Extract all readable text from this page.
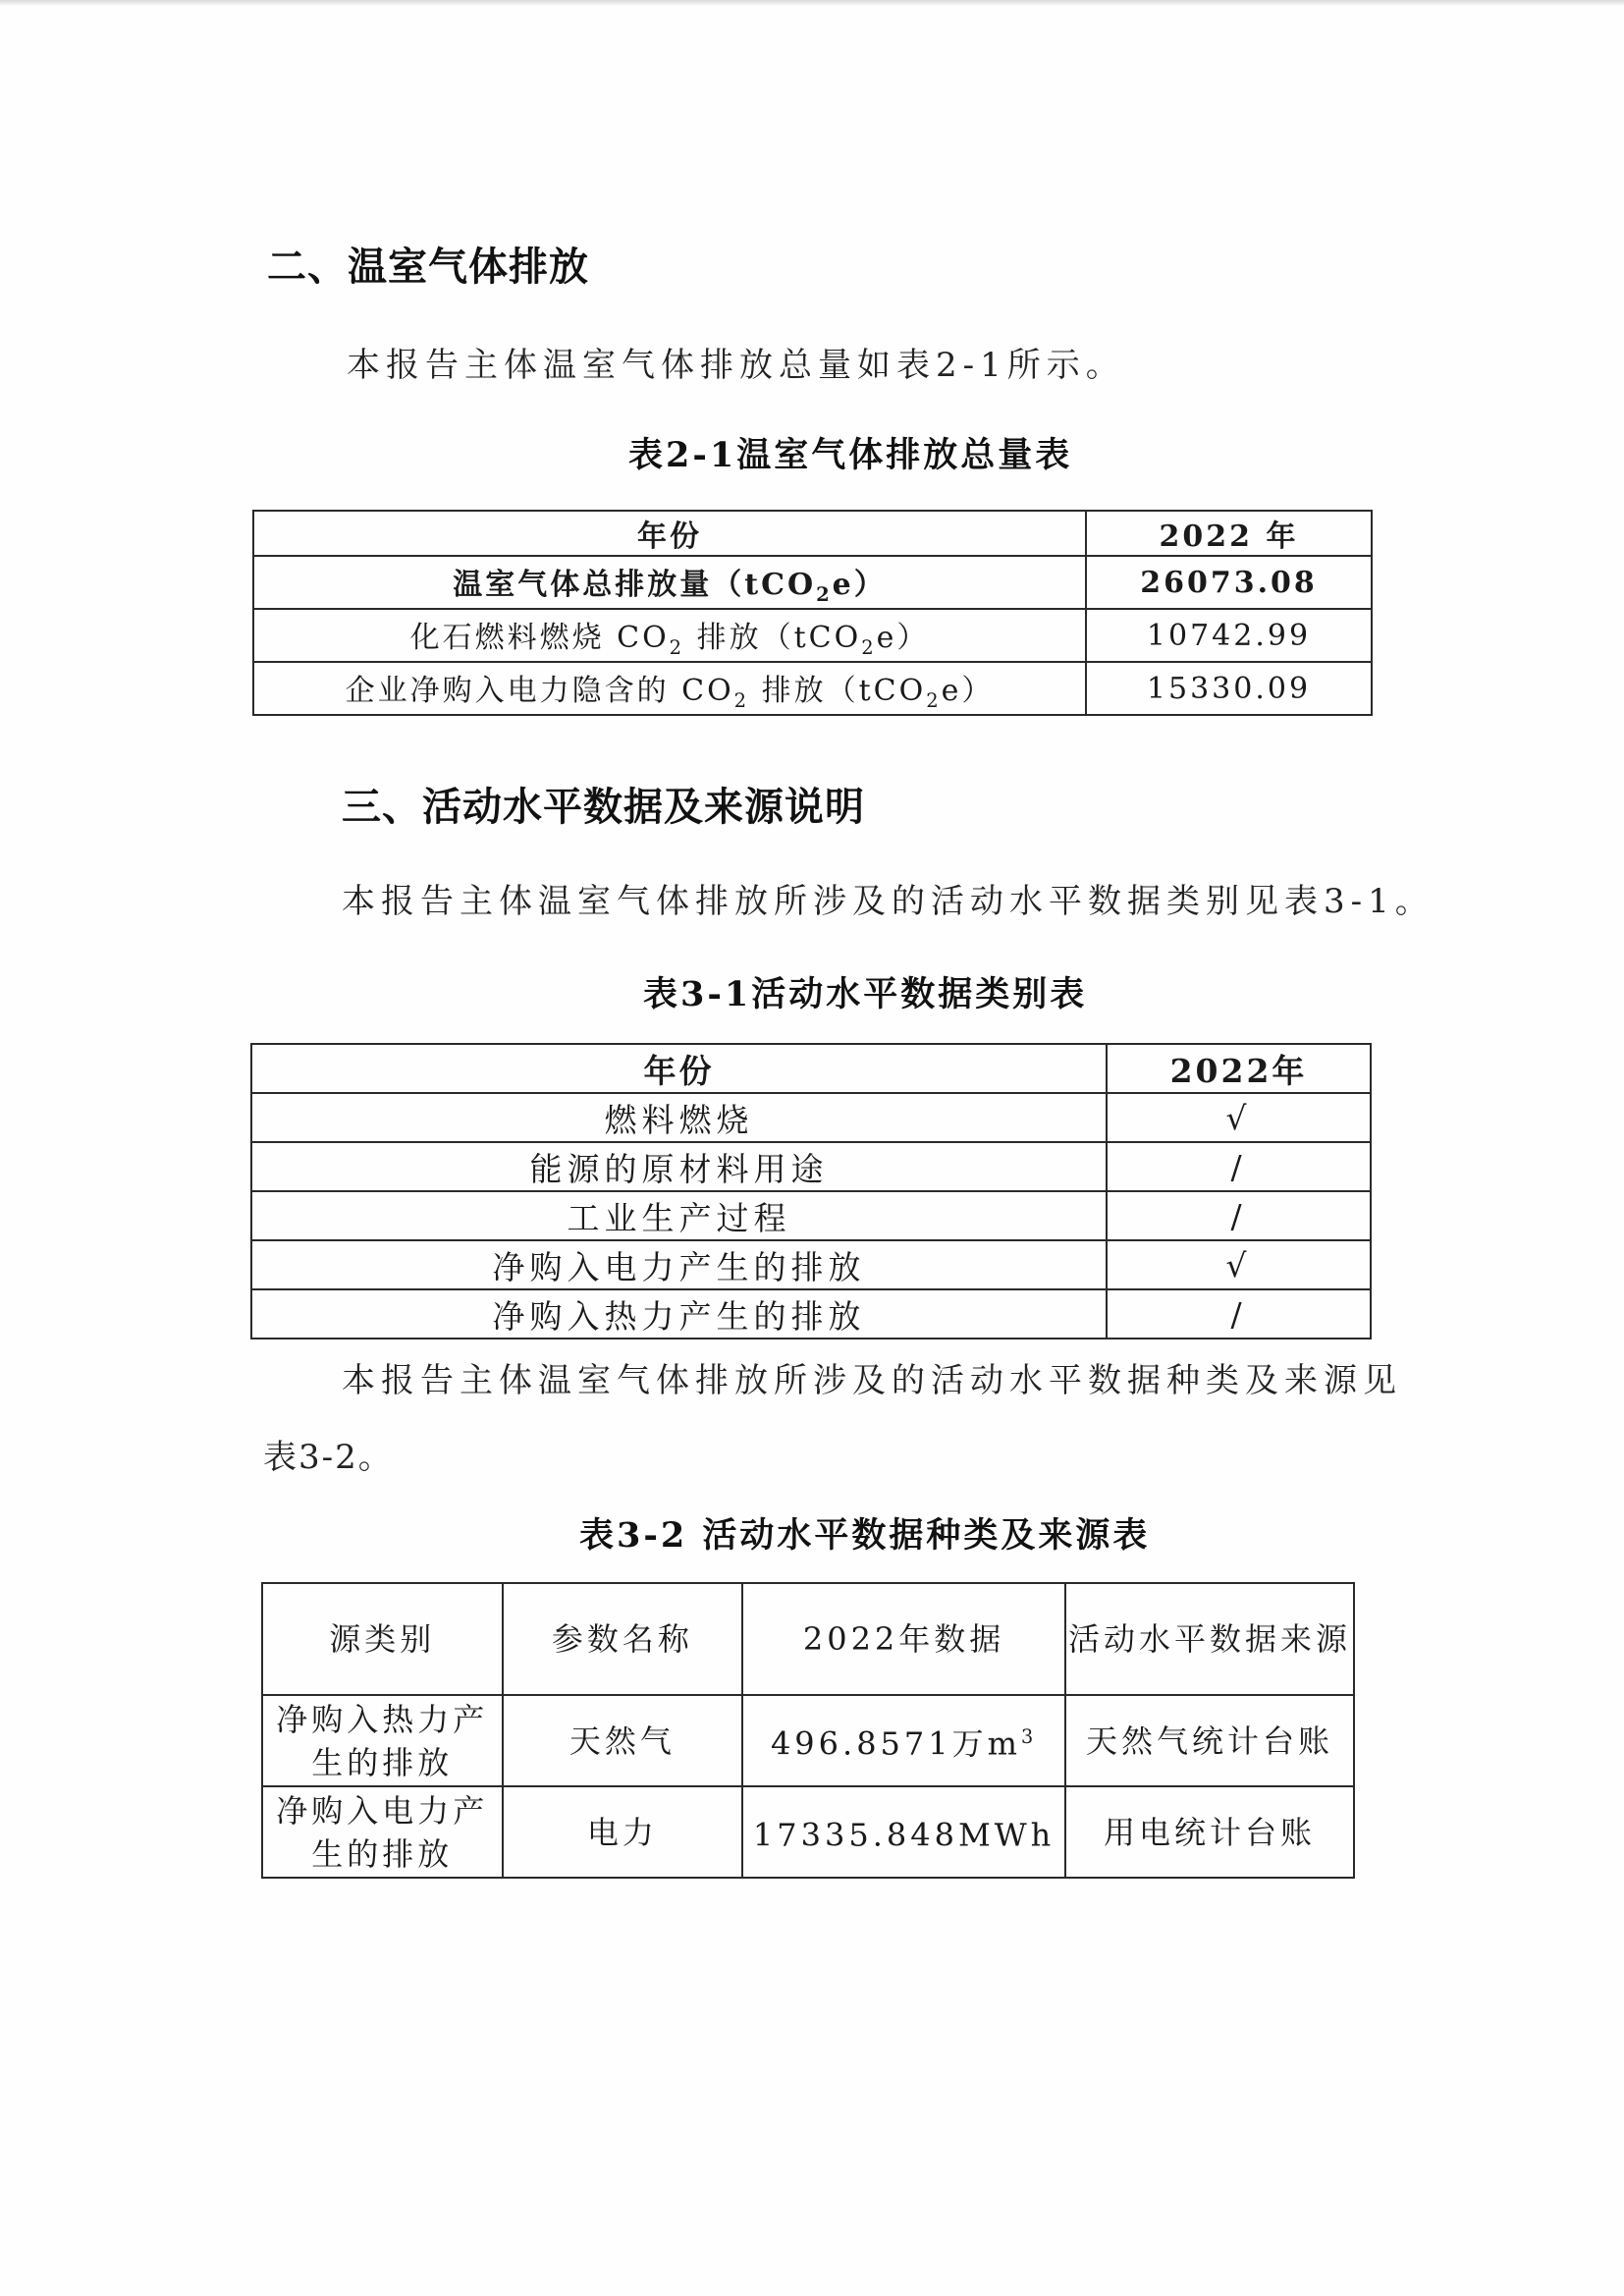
二、温室气体排放

本报告主体温室气体排放总量如表2-1所示。

表2-1温室气体排放总量表

年份	2022 年
温室气体总排放量（tCO$_2$e）	26073.08
化石燃料燃烧 $CO_2$ 排放（tCO$_2$e）	10742.99
企业净购入电力隐含的 $CO_2$ 排放（tCO$_2$e）	15330.09
三、活动水平数据及来源说明

本报告主体温室气体排放所涉及的活动水平数据类别见表3-1。

表3-1活动水平数据类别表

年份	2022年
燃料燃烧	√
能源的原材料用途	/
工业生产过程	/
净购入电力产生的排放	√
净购入热力产生的排放	/

本报告主体温室气体排放所涉及的活动水平数据种类及来源见

表3-2。

表3-2 活动水平数据种类及来源表

源类别	参数名称	2022年数据	活动水平数据来源
净购入热力产生的排放	天然气	496.8571万$m^3$	天然气统计台账
净购入电力产生的排放	电力	17335.848MWh	用电统计台账
